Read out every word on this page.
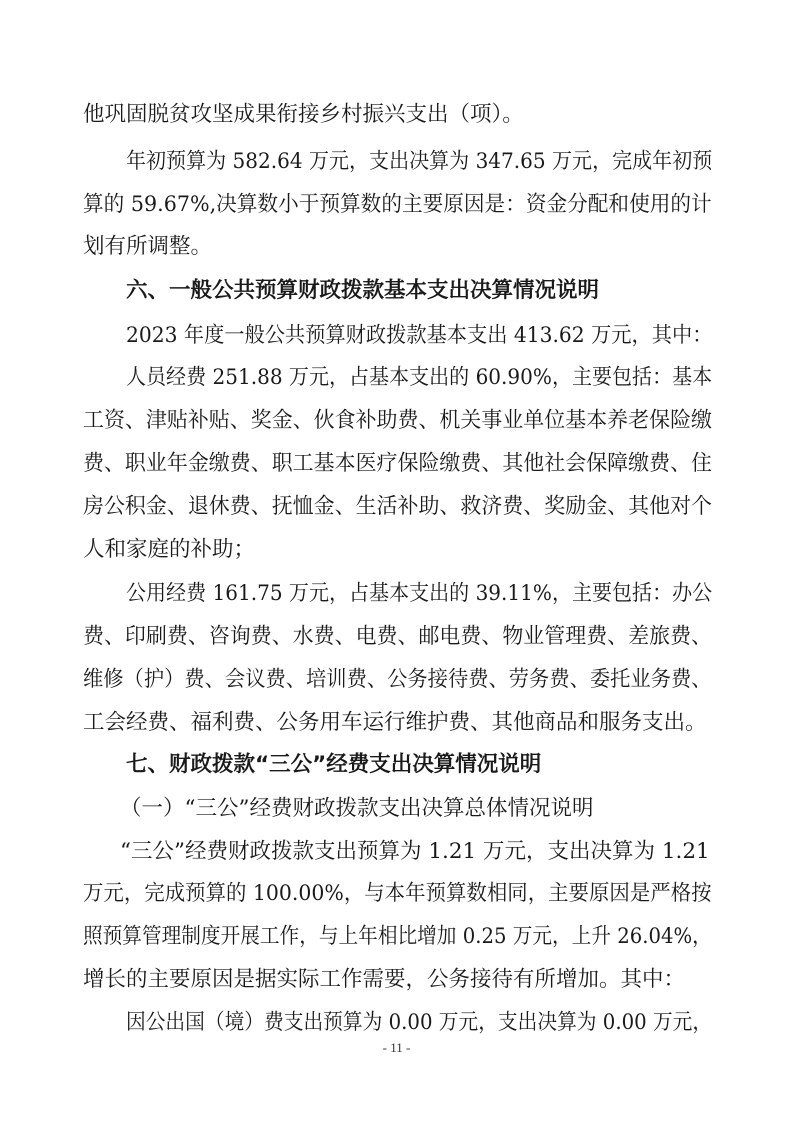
他巩固脱贫攻坚成果衔接乡村振兴支出（项）。
年初预算为 582.64 万元，支出决算为 347.65 万元，完成年初预
算的 59.67%,决算数小于预算数的主要原因是：资金分配和使用的计
划有所调整。
六、一般公共预算财政拨款基本支出决算情况说明
2023 年度一般公共预算财政拨款基本支出 413.62 万元，其中：
人员经费 251.88 万元，占基本支出的 60.90%，主要包括：基本
工资、津贴补贴、奖金、伙食补助费、机关事业单位基本养老保险缴
费、职业年金缴费、职工基本医疗保险缴费、其他社会保障缴费、住
房公积金、退休费、抚恤金、生活补助、救济费、奖励金、其他对个
人和家庭的补助；
公用经费 161.75 万元，占基本支出的 39.11%，主要包括：办公
费、印刷费、咨询费、水费、电费、邮电费、物业管理费、差旅费、
维修（护）费、会议费、培训费、公务接待费、劳务费、委托业务费、
工会经费、福利费、公务用车运行维护费、其他商品和服务支出。
七、财政拨款“三公”经费支出决算情况说明
（一）“三公”经费财政拨款支出决算总体情况说明
“三公”经费财政拨款支出预算为 1.21 万元，支出决算为 1.21
万元，完成预算的 100.00%，与本年预算数相同，主要原因是严格按
照预算管理制度开展工作，与上年相比增加 0.25 万元，上升 26.04%，
增长的主要原因是据实际工作需要，公务接待有所增加。其中：
因公出国（境）费支出预算为 0.00 万元，支出决算为 0.00 万元，
- 11 -
